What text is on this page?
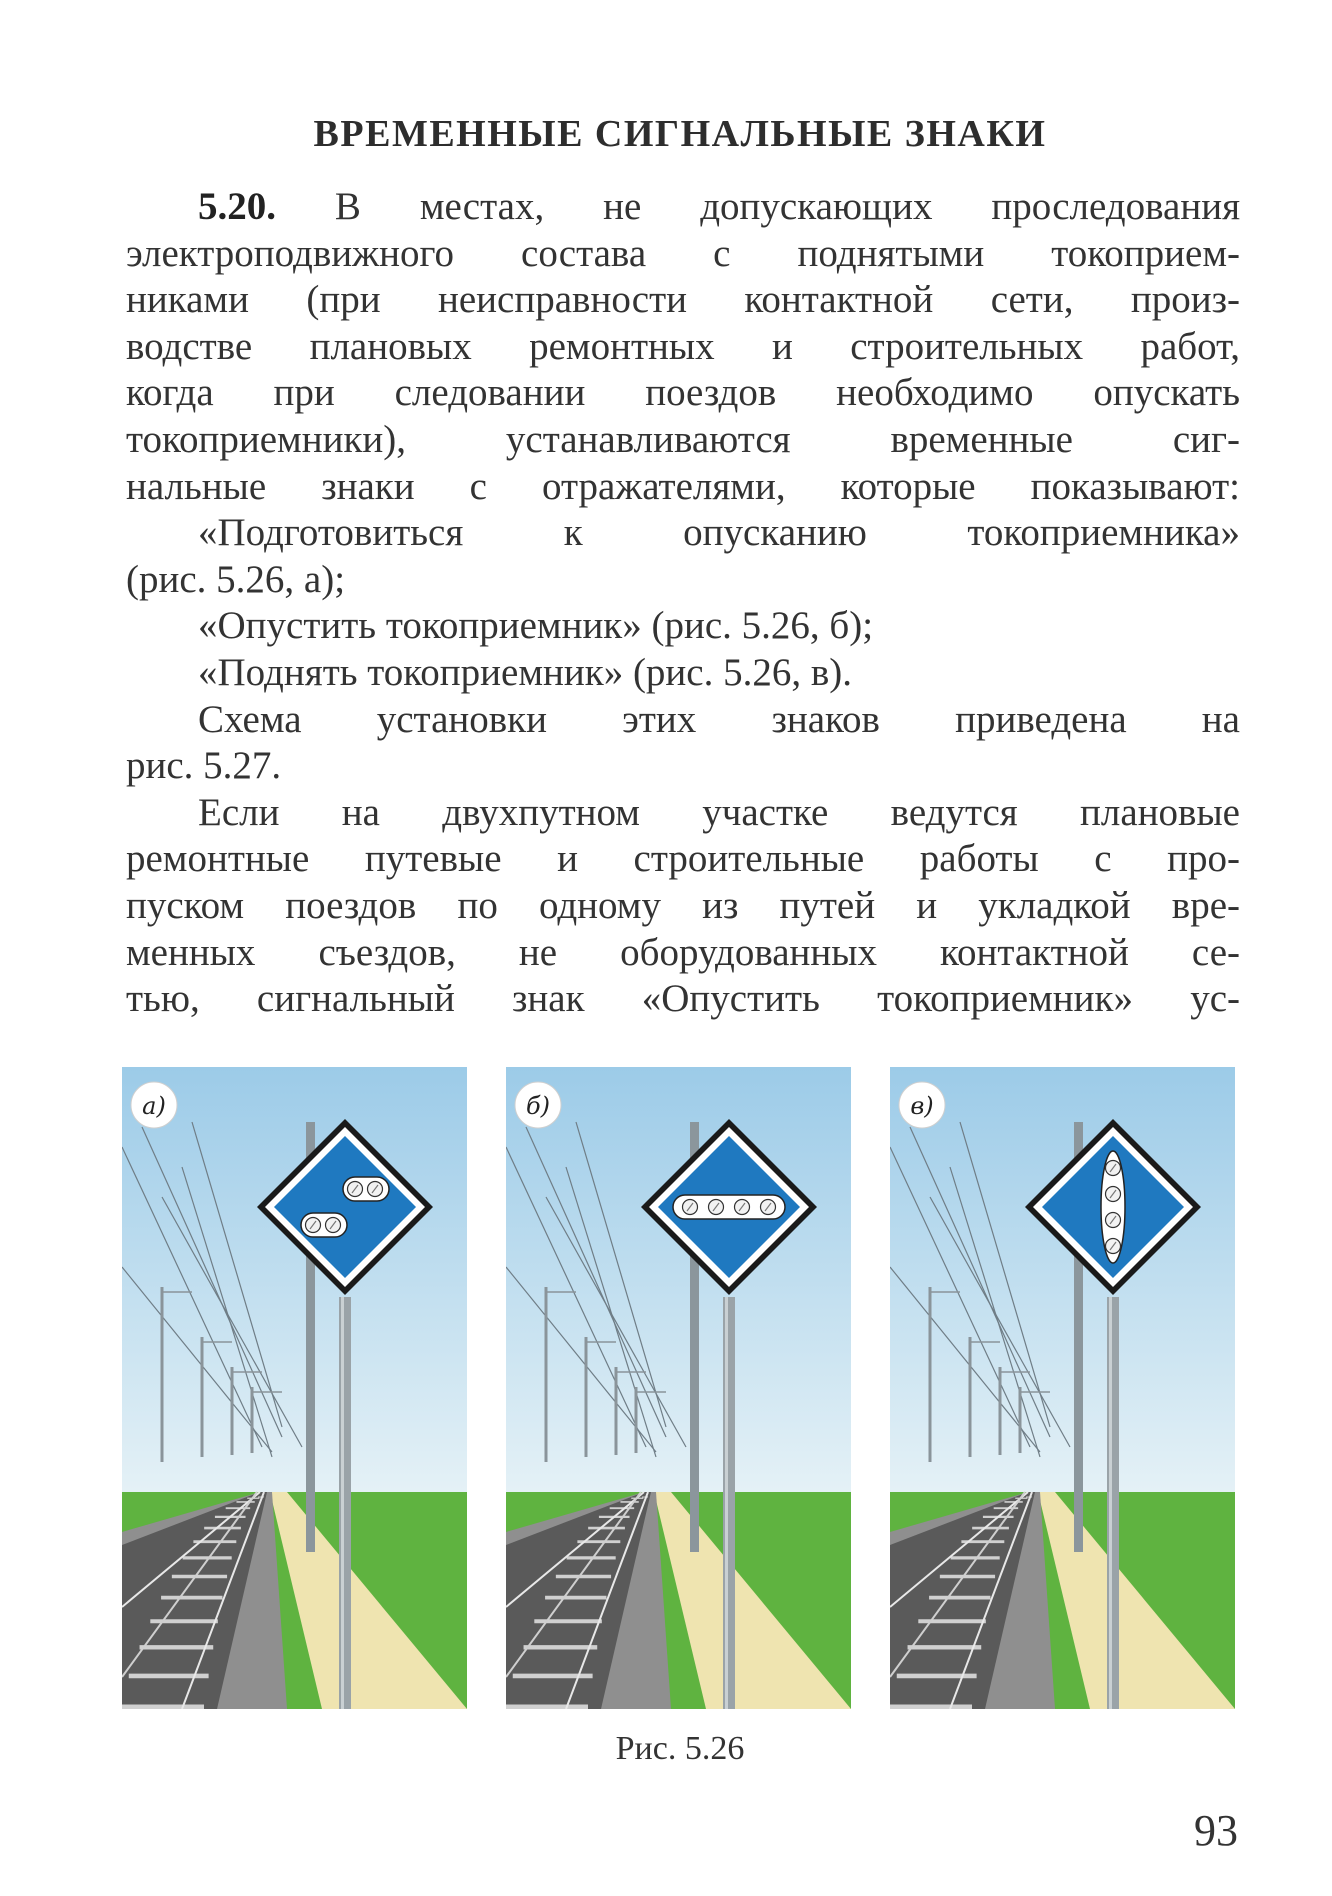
ВРЕМЕННЫЕ СИГНАЛЬНЫЕ ЗНАКИ

5.20. В местах, не допускающих проследования

электроподвижного состава с поднятыми токоприем-

никами (при неисправности контактной сети, произ-

водстве плановых ремонтных и строительных работ,

когда при следовании поездов необходимо опускать

токоприемники), устанавливаются временные сиг-

нальные знаки с отражателями, которые показывают:

«Подготовиться к опусканию токоприемника»

(рис. 5.26, а);

«Опустить токоприемник» (рис. 5.26, б);

«Поднять токоприемник» (рис. 5.26, в).

Схема установки этих знаков приведена на

рис. 5.27.

Если на двухпутном участке ведутся плановые

ремонтные путевые и строительные работы с про-

пуском поездов по одному из путей и укладкой вре-

менных съездов, не оборудованных контактной се-

тью, сигнальный знак «Опустить токоприемник» ус-

а)	б)	в)
Рис. 5.26
93
